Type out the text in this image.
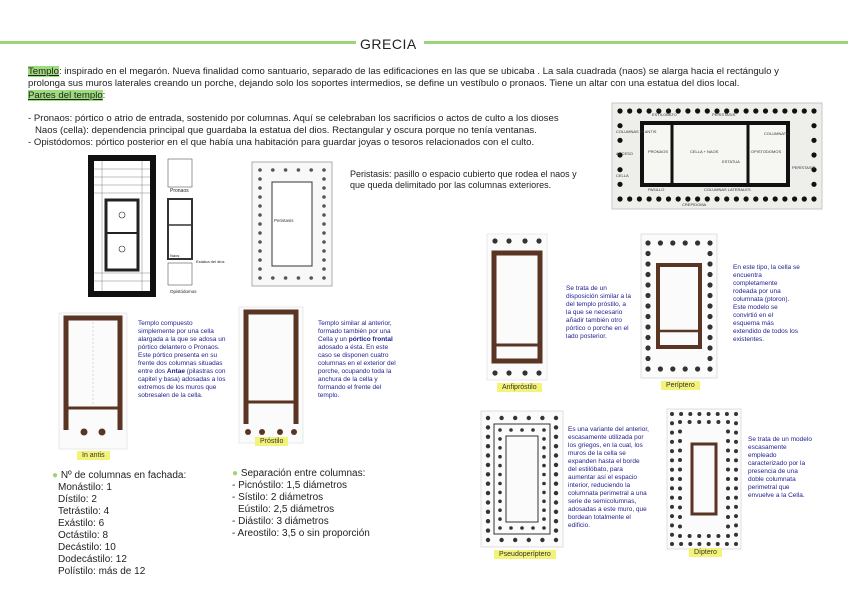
GRECIA
Templo: inspirado en el megarón. Nueva finalidad como santuario, separado de las edificaciones en las que se ubicaba . La sala cuadrada (naos) se alarga hacia el rectángulo y prolonga sus muros laterales creando un porche, dejando solo los soportes intermedios, se define un vestíbulo o pronaos. Tiene un altar con una estatua del dios local.
Partes del templo:

- Pronaos: pórtico o atrio de entrada, sostenido por columnas. Aquí se celebraban los sacrificios o actos de culto a los dioses
Naos (cella): dependencia principal que guardaba la estatua del dios. Rectangular y oscura porque no tenía ventanas.
- Opistódomos: pórtico posterior en el que había una habitación para guardar joyas o tesoros relacionados con el culto.
Pronaos
Naos
Estatua del dios
Opistódomos
Peristasis
Peristasis: pasillo o espacio cubierto que rodea el naos y que queda delimitado por las columnas exteriores.
ESTILOBATO	PERISTASIS
COLUMNATA
COLUMNAS IN ANTIS
ACCESO	PRONAOS	CELLA + NAOS
ESTATUA
OPISTODOMOS
PERÍSTASIS
PASILLO	COLUMNAS LATERALES
CELLA
CREPIDOMA
In antis
Templo compuesto simplemente por una cella alargada a la que se adosa un pórtico delantero o Pronaos. Este pórtico presenta en su frente dos columnas situadas entre dos Antae (pilastras con capitel y basa) adosadas a los extremos de los muros que sobresalen de la cella.
Próstilo
Templo similar al anterior, formado también por una Cella y un pórtico frontal adosado a ésta. En este caso se disponen cuatro columnas en el exterior del porche, ocupando toda la anchura de la cella y formando el frente del templo.
Anfipróstilo
Se trata de un disposición similar a la del templo próstilo, a la que se necesario añadir también otro pórtico o porche en el lado posterior.
Períptero
En este tipo, la cella se encuentra completamente rodeada por una columnata (ptoron). Este modelo se convirtió en el esquema más extendido de todos los existentes.
Pseudoperíptero
Es una variante del anterior, escasamente utilizada por los griegos, en la cual, los muros de la cella se expanden hasta el borde del estilóbato, para aumentar así el espacio interior, reduciendo la columnata perimetral a una serie de semicolumnas, adosadas a este muro, que bordean totalmente el edificio.
Díptero
Se trata de un modelo escasamente empleado caracterizado por la presencia de una doble columnata perimetral que envuelve a la Cella.
● Nº de columnas en fachada:
Monástilo: 1
Dístilo: 2
Tetrástilo: 4
Exástilo: 6
Octástilo: 8
Decástilo: 10
Dodecástilo: 12
Polístilo: más de 12
● Separación entre columnas:
- Picnóstilo: 1,5 diámetros
- Sístilo: 2 diámetros
Eústilo: 2,5 diámetros
- Diástilo: 3 diámetros
- Areostilo: 3,5 o sin proporción
